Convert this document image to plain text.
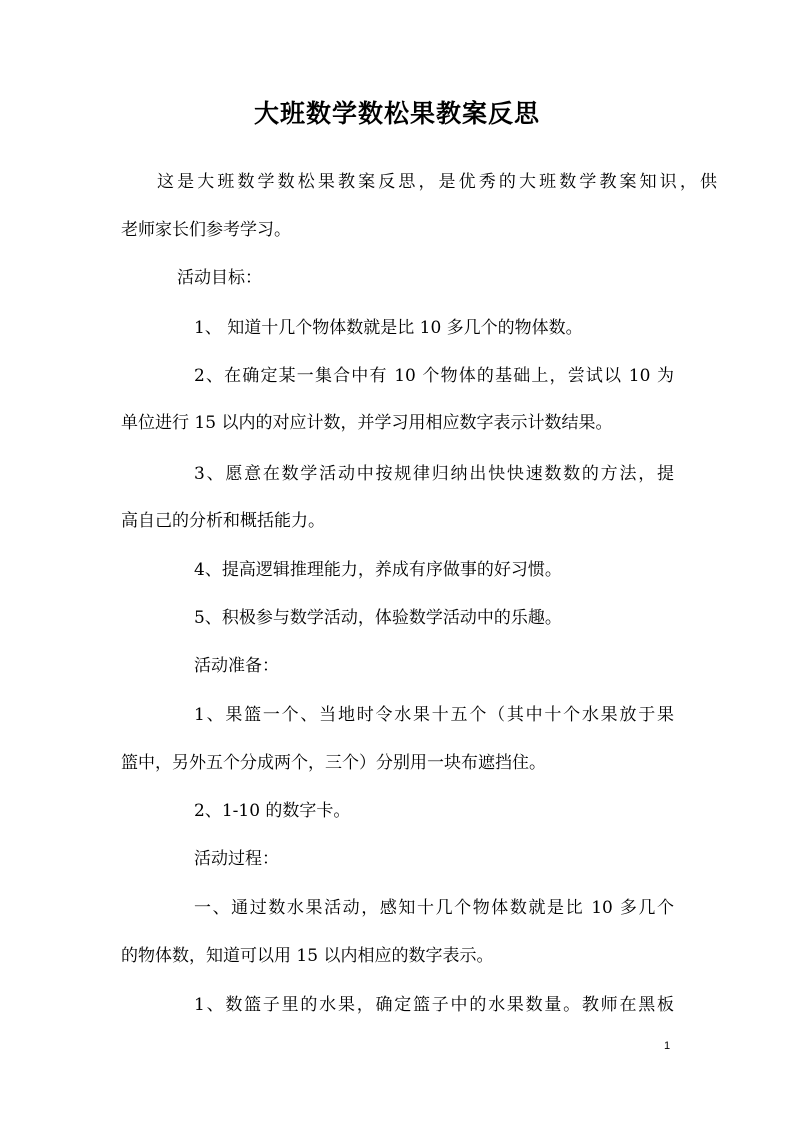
大班数学数松果教案反思
这是大班数学数松果教案反思，是优秀的大班数学教案知识，供
老师家长们参考学习。
活动目标：
1、 知道十几个物体数就是比 10 多几个的物体数。
2、在确定某一集合中有 10 个物体的基础上，尝试以 10 为
单位进行 15 以内的对应计数，并学习用相应数字表示计数结果。
3、愿意在数学活动中按规律归纳出快快速数数的方法，提
高自己的分析和概括能力。
4、提高逻辑推理能力，养成有序做事的好习惯。
5、积极参与数学活动，体验数学活动中的乐趣。
活动准备：
1、果篮一个、当地时令水果十五个（其中十个水果放于果
篮中，另外五个分成两个，三个）分别用一块布遮挡住。
2、1-10 的数字卡。
活动过程：
一、通过数水果活动，感知十几个物体数就是比 10 多几个
的物体数，知道可以用 15 以内相应的数字表示。
1、数篮子里的水果，确定篮子中的水果数量。教师在黑板
1
